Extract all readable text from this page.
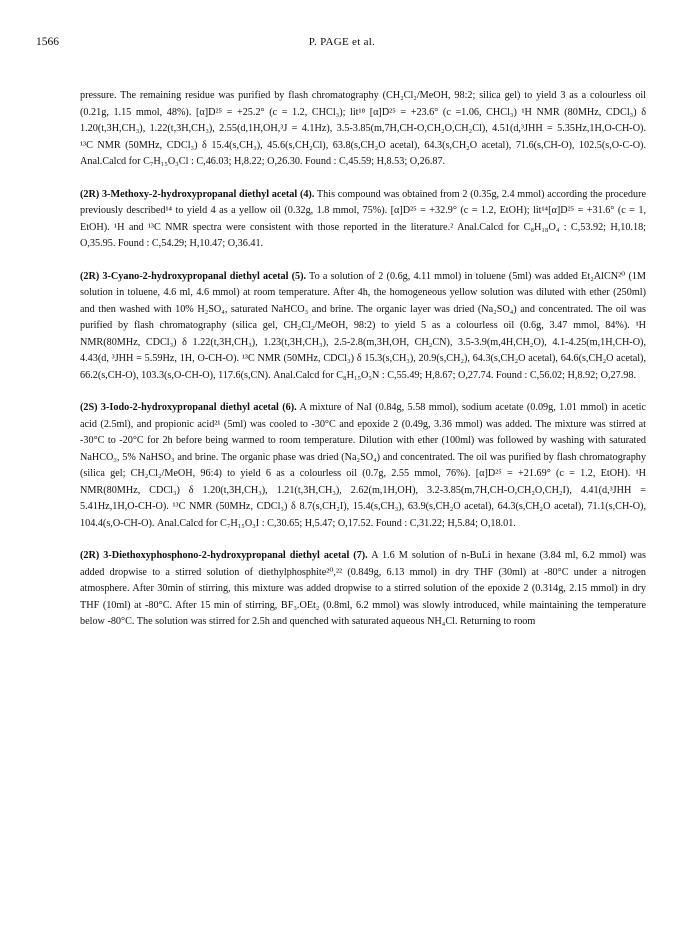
1566	P. PAGE et al.

pressure. The remaining residue was purified by flash chromatography (CH₂Cl₂/MeOH, 98:2; silica gel) to yield 3 as a colourless oil (0.21g, 1.15 mmol, 48%). [α]D²⁵ = +25.2° (c = 1.2, CHCl₃); lit¹⁸ [α]D²⁵ = +23.6° (c =1.06, CHCl₃) ¹H NMR (80MHz, CDCl₃) δ 1.20(t,3H,CH₃), 1.22(t,3H,CH₃), 2.55(d,1H,OH,³J = 4.1Hz), 3.5-3.85(m,7H,CH-O,CH₂O,CH₂Cl), 4.51(d,³JHH = 5.35Hz,1H,O-CH-O). ¹³C NMR (50MHz, CDCl₃) δ 15.4(s,CH₃), 45.6(s,CH₂Cl), 63.8(s,CH₂O acetal), 64.3(s,CH₂O acetal), 71.6(s,CH-O), 102.5(s,O-C-O). Anal.Calcd for C₇H₁₅O₃Cl : C,46.03; H,8.22; O,26.30. Found : C,45.59; H,8.53; O,26.87.

(2R) 3-Methoxy-2-hydroxypropanal diethyl acetal (4). This compound was obtained from 2 (0.35g, 2.4 mmol) according the procedure previously described¹⁴ to yield 4 as a yellow oil (0.32g, 1.8 mmol, 75%). [α]D²⁵ = +32.9° (c = 1.2, EtOH); lit¹⁴[α]D²⁵ = +31.6° (c = 1, EtOH). ¹H and ¹³C NMR spectra were consistent with those reported in the literature.² Anal.Calcd for C₈H₁₈O₄ : C,53.92; H,10.18; O,35.95. Found : C,54.29; H,10.47; O,36.41.

(2R) 3-Cyano-2-hydroxypropanal diethyl acetal (5). To a solution of 2 (0.6g, 4.11 mmol) in toluene (5ml) was added Et₂AlCN²⁰ (1M solution in toluene, 4.6 ml, 4.6 mmol) at room temperature. After 4h, the homogeneous yellow solution was diluted with ether (250ml) and then washed with 10% H₂SO₄, saturated NaHCO₃ and brine. The organic layer was dried (Na₂SO₄) and concentrated. The oil was purified by flash chromatography (silica gel, CH₂Cl₂/MeOH, 98:2) to yield 5 as a colourless oil (0.6g, 3.47 mmol, 84%). ¹H NMR(80MHz, CDCl₃) δ 1.22(t,3H,CH₃), 1.23(t,3H,CH₃), 2.5-2.8(m,3H,OH, CH₂CN), 3.5-3.9(m,4H,CH₂O), 4.1-4.25(m,1H,CH-O), 4.43(d, ³JHH = 5.59Hz, 1H, O-CH-O). ¹³C NMR (50MHz, CDCl₃) δ 15.3(s,CH₃), 20.9(s,CH₂), 64.3(s,CH₂O acetal), 64.6(s,CH₂O acetal), 66.2(s,CH-O), 103.3(s,O-CH-O), 117.6(s,CN). Anal.Calcd for C₈H₁₅O₃N : C,55.49; H,8.67; O,27.74. Found : C,56.02; H,8.92; O,27.98.

(2S) 3-Iodo-2-hydroxypropanal diethyl acetal (6). A mixture of NaI (0.84g, 5.58 mmol), sodium acetate (0.09g, 1.01 mmol) in acetic acid (2.5ml), and propionic acid²¹ (5ml) was cooled to -30°C and epoxide 2 (0.49g, 3.36 mmol) was added. The mixture was stirred at -30°C to -20°C for 2h before being warmed to room temperature. Dilution with ether (100ml) was followed by washing with saturated NaHCO₃, 5% NaHSO₃ and brine. The organic phase was dried (Na₂SO₄) and concentrated. The oil was purified by flash chromatography (silica gel; CH₂Cl₂/MeOH, 96:4) to yield 6 as a colourless oil (0.7g, 2.55 mmol, 76%). [α]D²⁵ = +21.69° (c = 1.2, EtOH). ¹H NMR(80MHz, CDCl₃) δ 1.20(t,3H,CH₃), 1.21(t,3H,CH₃), 2.62(m,1H,OH), 3.2-3.85(m,7H,CH-O,CH₂O,CH₂I), 4.41(d,³JHH = 5.41Hz,1H,O-CH-O). ¹³C NMR (50MHz, CDCl₃) δ 8.7(s,CH₂I), 15.4(s,CH₃), 63.9(s,CH₂O acetal), 64.3(s,CH₂O acetal), 71.1(s,CH-O), 104.4(s,O-CH-O). Anal.Calcd for C₇H₁₅O₃I : C,30.65; H,5.47; O,17.52. Found : C,31.22; H,5.84; O,18.01.

(2R) 3-Diethoxyphosphono-2-hydroxypropanal diethyl acetal (7). A 1.6 M solution of n-BuLi in hexane (3.84 ml, 6.2 mmol) was added dropwise to a stirred solution of diethylphosphite²⁰,²² (0.849g, 6.13 mmol) in dry THF (30ml) at -80°C under a nitrogen atmosphere. After 30min of stirring, this mixture was added dropwise to a stirred solution of the epoxide 2 (0.314g, 2.15 mmol) in dry THF (10ml) at -80°C. After 15 min of stirring, BF₃.OEt₂ (0.8ml, 6.2 mmol) was slowly introduced, while maintaining the temperature below -80°C. The solution was stirred for 2.5h and quenched with saturated aqueous NH₄Cl. Returning to room
